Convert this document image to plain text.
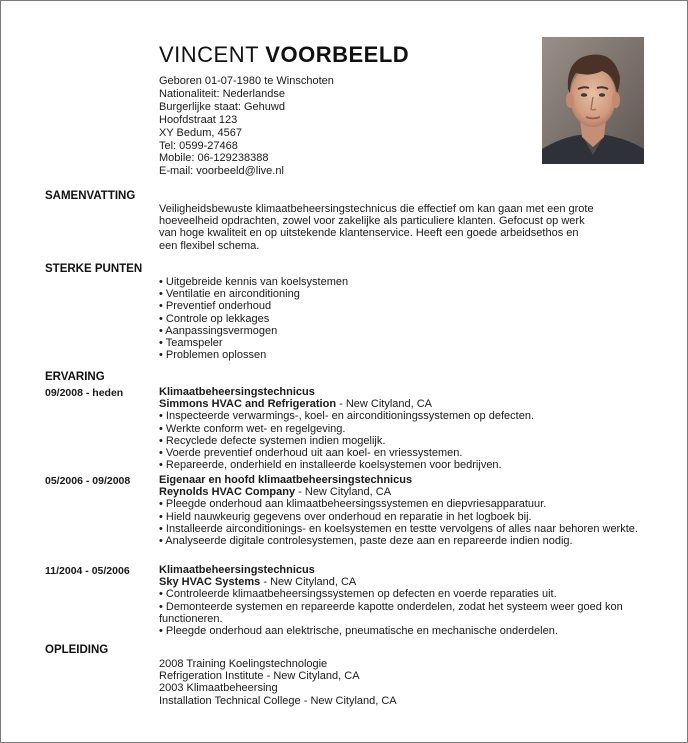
VINCENT VOORBEELD
Geboren 01-07-1980 te Winschoten
Nationaliteit: Nederlandse
Burgerlijke staat: Gehuwd
Hoofdstraat 123
XY Bedum, 4567
Tel: 0599-27468
Mobile: 06-129238388
E-mail: voorbeeld@live.nl
SAMENVATTING
Veiligheidsbewuste klimaatbeheersingstechnicus die effectief om kan gaan met een grote
hoeveelheid opdrachten, zowel voor zakelijke als particuliere klanten. Gefocust op werk
van hoge kwaliteit en op uitstekende klantenservice. Heeft een goede arbeidsethos en
een flexibel schema.
STERKE PUNTEN
• Uitgebreide kennis van koelsystemen
• Ventilatie en airconditioning
• Preventief onderhoud
• Controle op lekkages
• Aanpassingsvermogen
• Teamspeler
• Problemen oplossen
ERVARING
09/2008 - heden	Klimaatbeheersingstechnicus
Simmons HVAC and Refrigeration - New Cityland, CA
• Inspecteerde verwarmings-, koel- en airconditioningssystemen op defecten.
• Werkte conform wet- en regelgeving.
• Recyclede defecte systemen indien mogelijk.
• Voerde preventief onderhoud uit aan koel- en vriessystemen.
• Repareerde, onderhield en installeerde koelsystemen voor bedrijven.
05/2006 - 09/2008	Eigenaar en hoofd klimaatbeheersingstechnicus
Reynolds HVAC Company - New Cityland, CA
• Pleegde onderhoud aan klimaatbeheersingssystemen en diepvriesapparatuur.
• Hield nauwkeurig gegevens over onderhoud en reparatie in het logboek bij.
• Installeerde airconditionings- en koelsystemen en testte vervolgens of alles naar behoren werkte.
• Analyseerde digitale controlesystemen, paste deze aan en repareerde indien nodig.
11/2004 - 05/2006	Klimaatbeheersingstechnicus
Sky HVAC Systems - New Cityland, CA
• Controleerde klimaatbeheersingssystemen op defecten en voerde reparaties uit.
• Demonteerde systemen en repareerde kapotte onderdelen, zodat het systeem weer goed kon functioneren.
• Pleegde onderhoud aan elektrische, pneumatische en mechanische onderdelen.
OPLEIDING
2008 Training Koelingstechnologie
Refrigeration Institute - New Cityland, CA
2003 Klimaatbeheersing
Installation Technical College - New Cityland, CA
